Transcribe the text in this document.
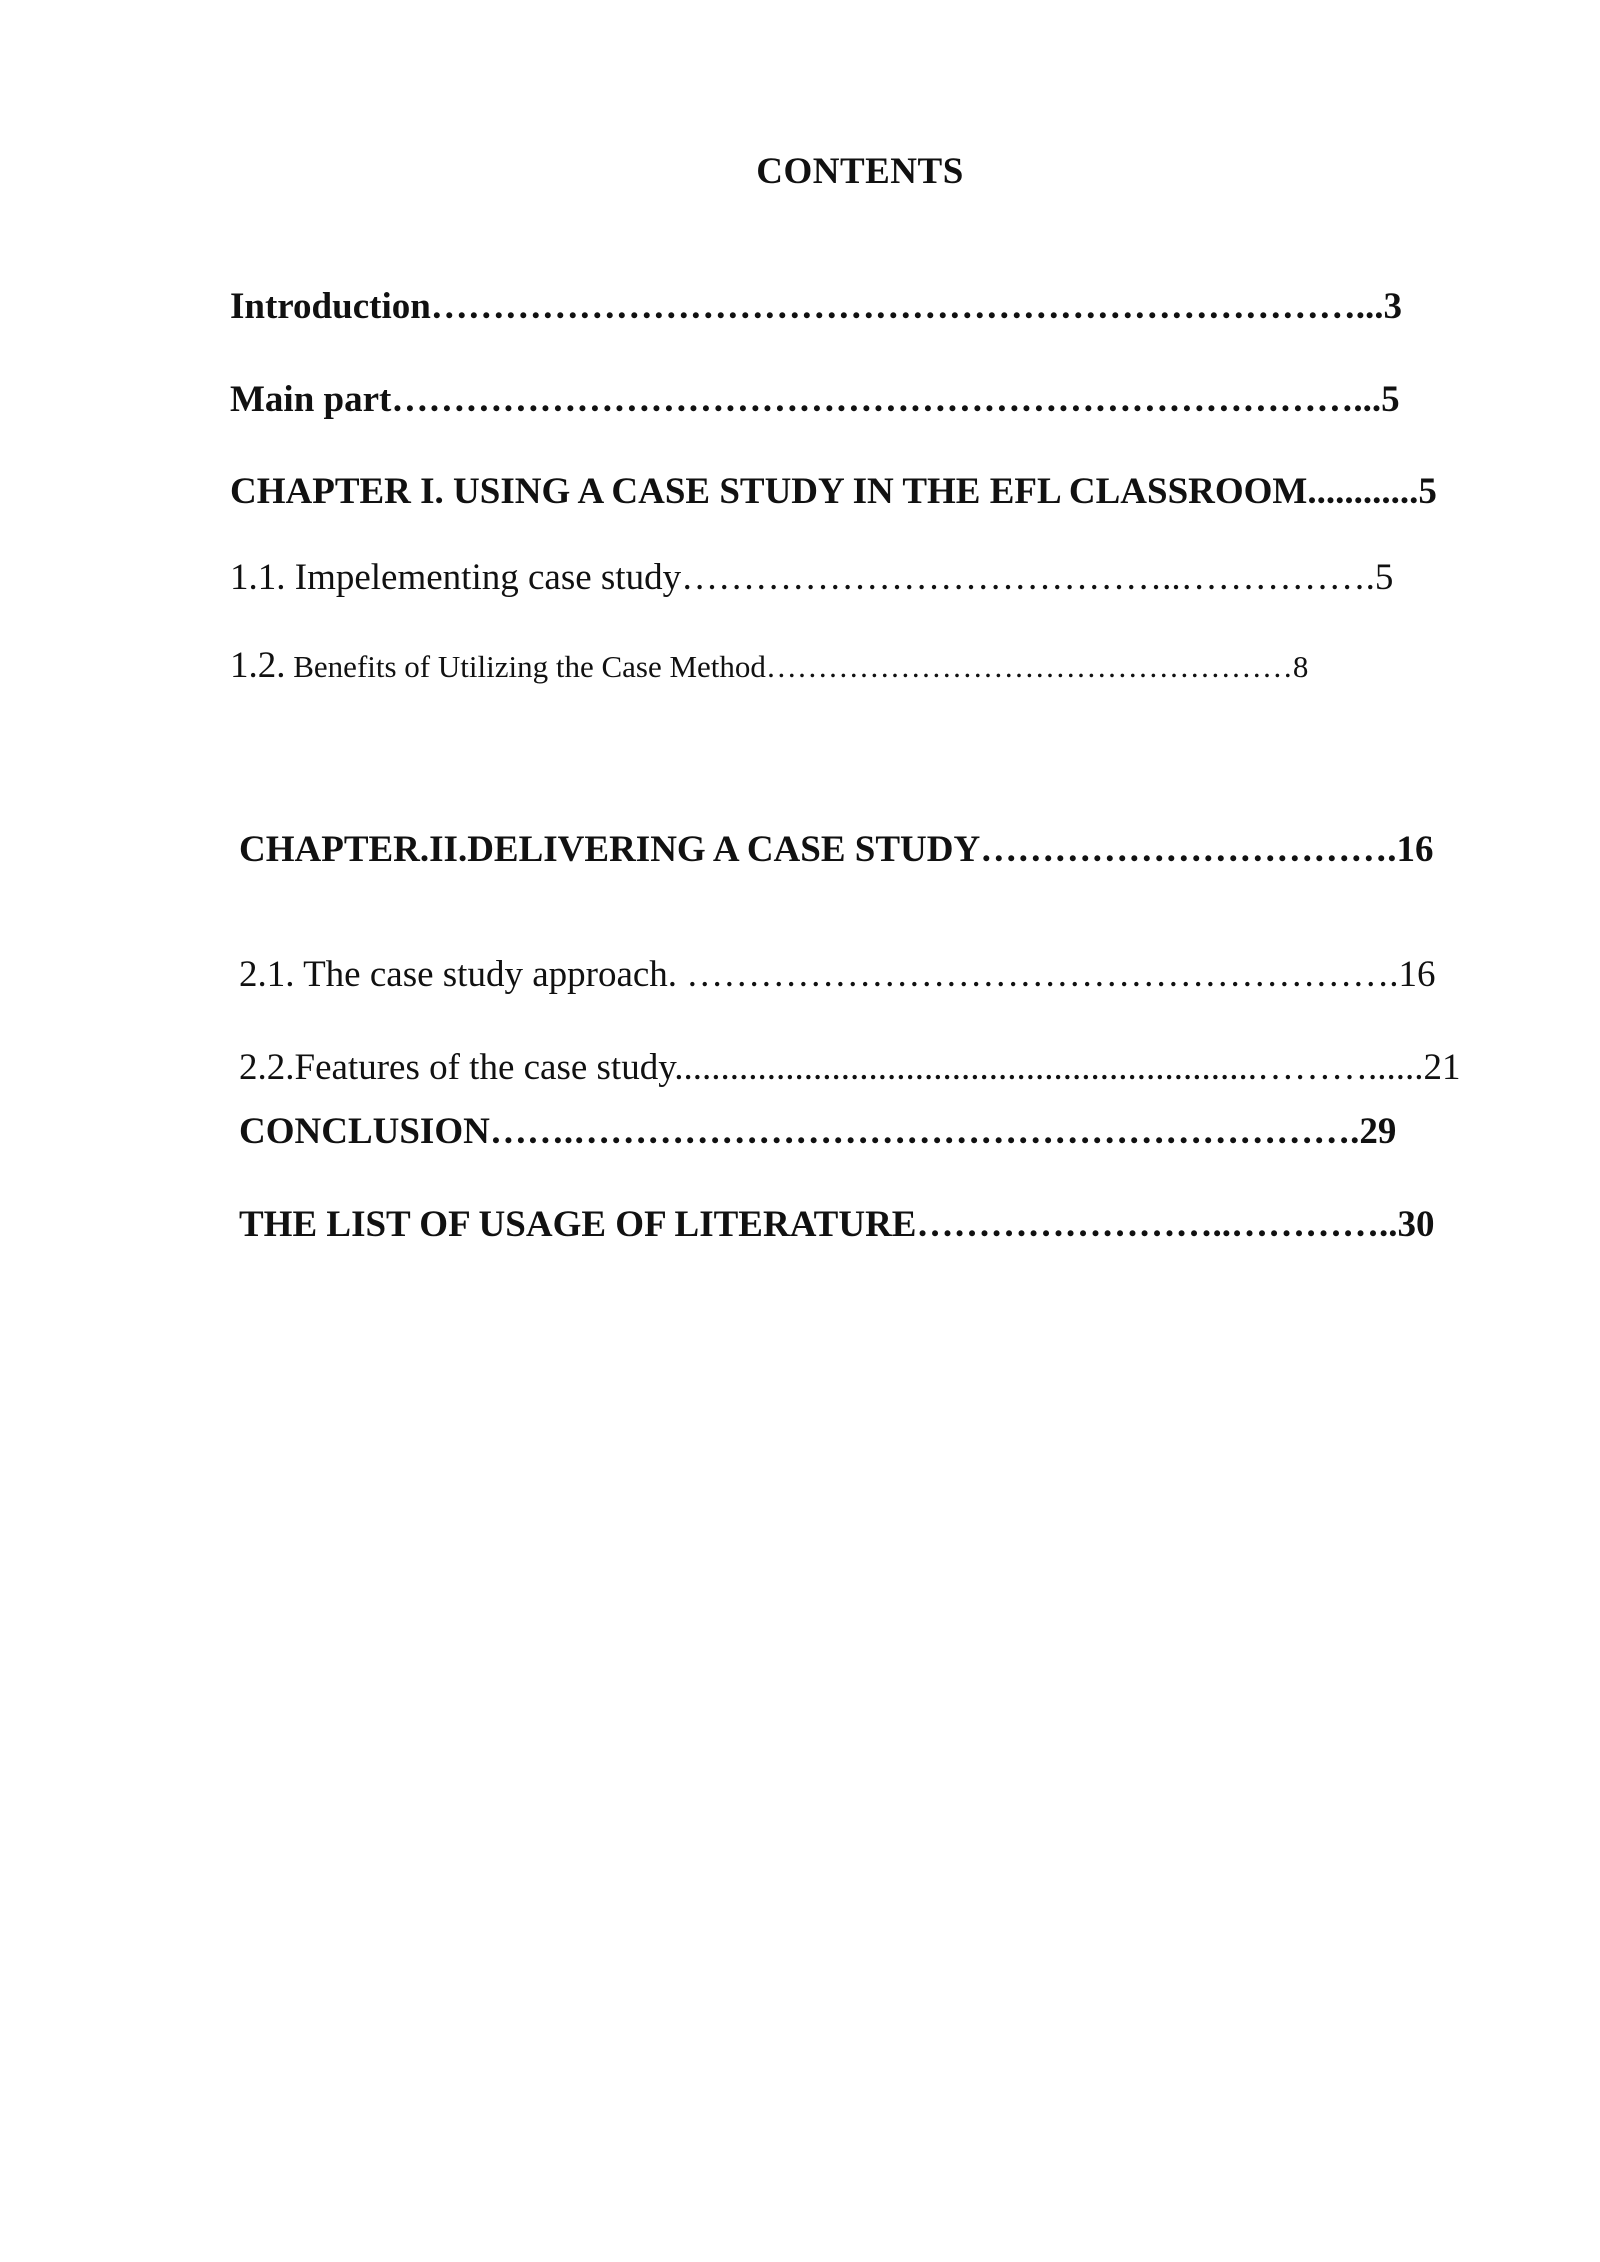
CONTENTS
Introduction…………………………………………………………………...3
Main part……………………………………………………………………...5
CHAPTER I. USING A CASE STUDY IN THE EFL CLASSROOM............5
1.1. Impelementing case study…………………………………..…………….5
1.2. Benefits of Utilizing the Case Method……………………………………………8
CHAPTER.II.DELIVERING A CASE STUDY…………………………….16
2.1. The case study approach. ………………………………………………….16
2.2.Features of the case study...............................................................………......21
CONCLUSION…….……………………………………………………….29
THE LIST OF USAGE OF LITERATURE……………………..…………..30
